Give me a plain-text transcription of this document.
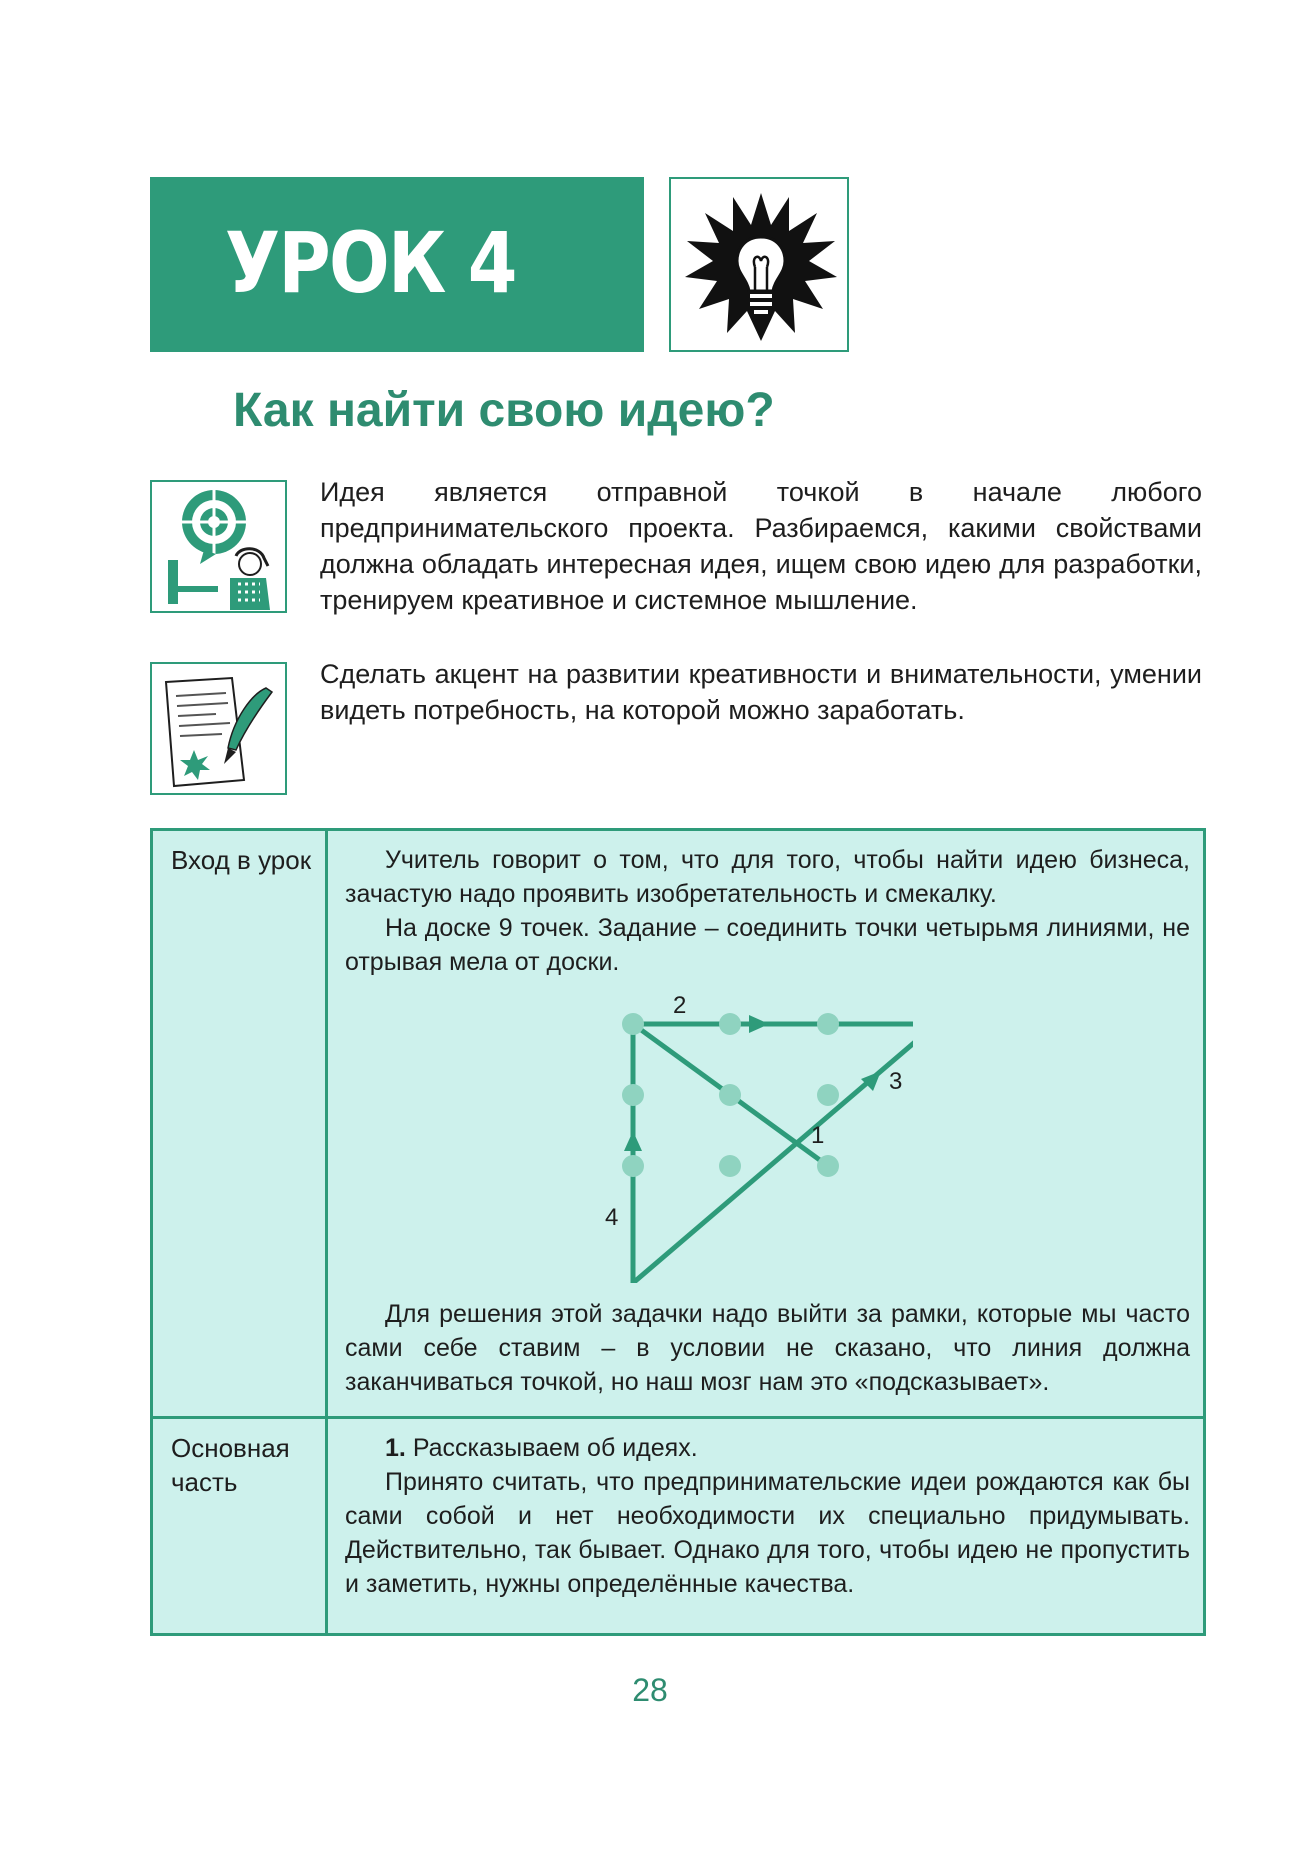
УРОК 4
Как найти свою идею?
Идея является отправной точкой в начале любого предпринимательского проекта. Разбираемся, какими свойствами должна обладать интересная идея, ищем свою идею для разработки, тренируем креативное и системное мышление.
Сделать акцент на развитии креативности и внимательности, умении видеть потребность, на которой можно заработать.
Вход в урок	Учитель говорит о том, что для того, чтобы найти идею бизнеса, зачастую надо проявить изобретательность и смекалку.

На доске 9 точек. Задание – соединить точки четырьмя линиями, не отрывая мела от доски.

1
2
3
4

Для решения этой задачки надо выйти за рамки, которые мы часто сами себе ставим – в условии не сказано, что линия должна заканчиваться точкой, но наш мозг нам это «подсказывает».

Основная часть

1. Рассказываем об идеях.

Принято считать, что предпринимательские идеи рождаются как бы сами собой и нет необходимости их специально придумывать. Действительно, так бывает. Однако для того, чтобы идею не пропустить и заметить, нужны определённые качества.

28
